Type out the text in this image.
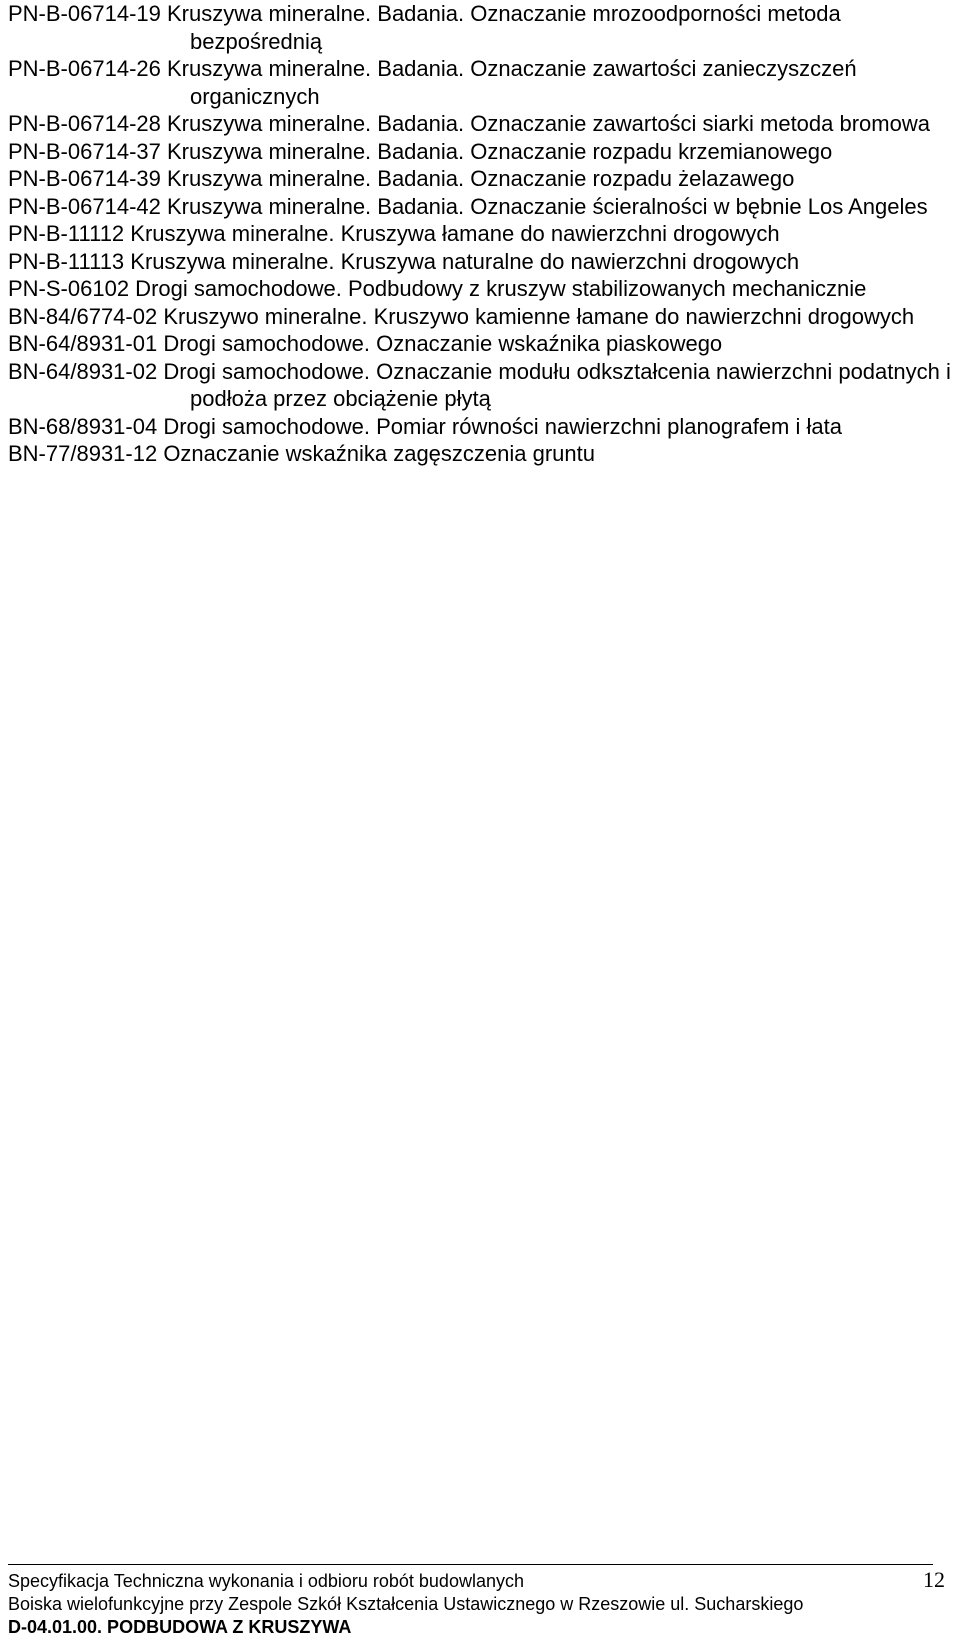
PN-B-06714-19 Kruszywa mineralne. Badania. Oznaczanie mrozoodporności metoda bezpośrednią
PN-B-06714-26 Kruszywa mineralne. Badania. Oznaczanie zawartości zanieczyszczeń organicznych
PN-B-06714-28 Kruszywa mineralne. Badania. Oznaczanie zawartości siarki metoda bromowa
PN-B-06714-37 Kruszywa mineralne. Badania. Oznaczanie rozpadu krzemianowego
PN-B-06714-39 Kruszywa mineralne. Badania. Oznaczanie rozpadu żelazawego
PN-B-06714-42 Kruszywa mineralne. Badania. Oznaczanie ścieralności w bębnie Los Angeles
PN-B-11112 Kruszywa mineralne. Kruszywa łamane do nawierzchni drogowych
PN-B-11113 Kruszywa mineralne. Kruszywa naturalne do nawierzchni drogowych
PN-S-06102 Drogi samochodowe. Podbudowy z kruszyw stabilizowanych mechanicznie
BN-84/6774-02 Kruszywo mineralne. Kruszywo kamienne łamane do nawierzchni drogowych
BN-64/8931-01 Drogi samochodowe. Oznaczanie wskaźnika piaskowego
BN-64/8931-02 Drogi samochodowe. Oznaczanie modułu odkształcenia nawierzchni podatnych i podłoża przez obciążenie płytą
BN-68/8931-04 Drogi samochodowe. Pomiar równości nawierzchni planografem i łata
BN-77/8931-12 Oznaczanie wskaźnika zagęszczenia gruntu
Specyfikacja Techniczna wykonania i odbioru robót budowlanych
Boiska wielofunkcyjne przy Zespole Szkół Kształcenia Ustawicznego w Rzeszowie ul. Sucharskiego
D-04.01.00. PODBUDOWA Z KRUSZYWA
12
